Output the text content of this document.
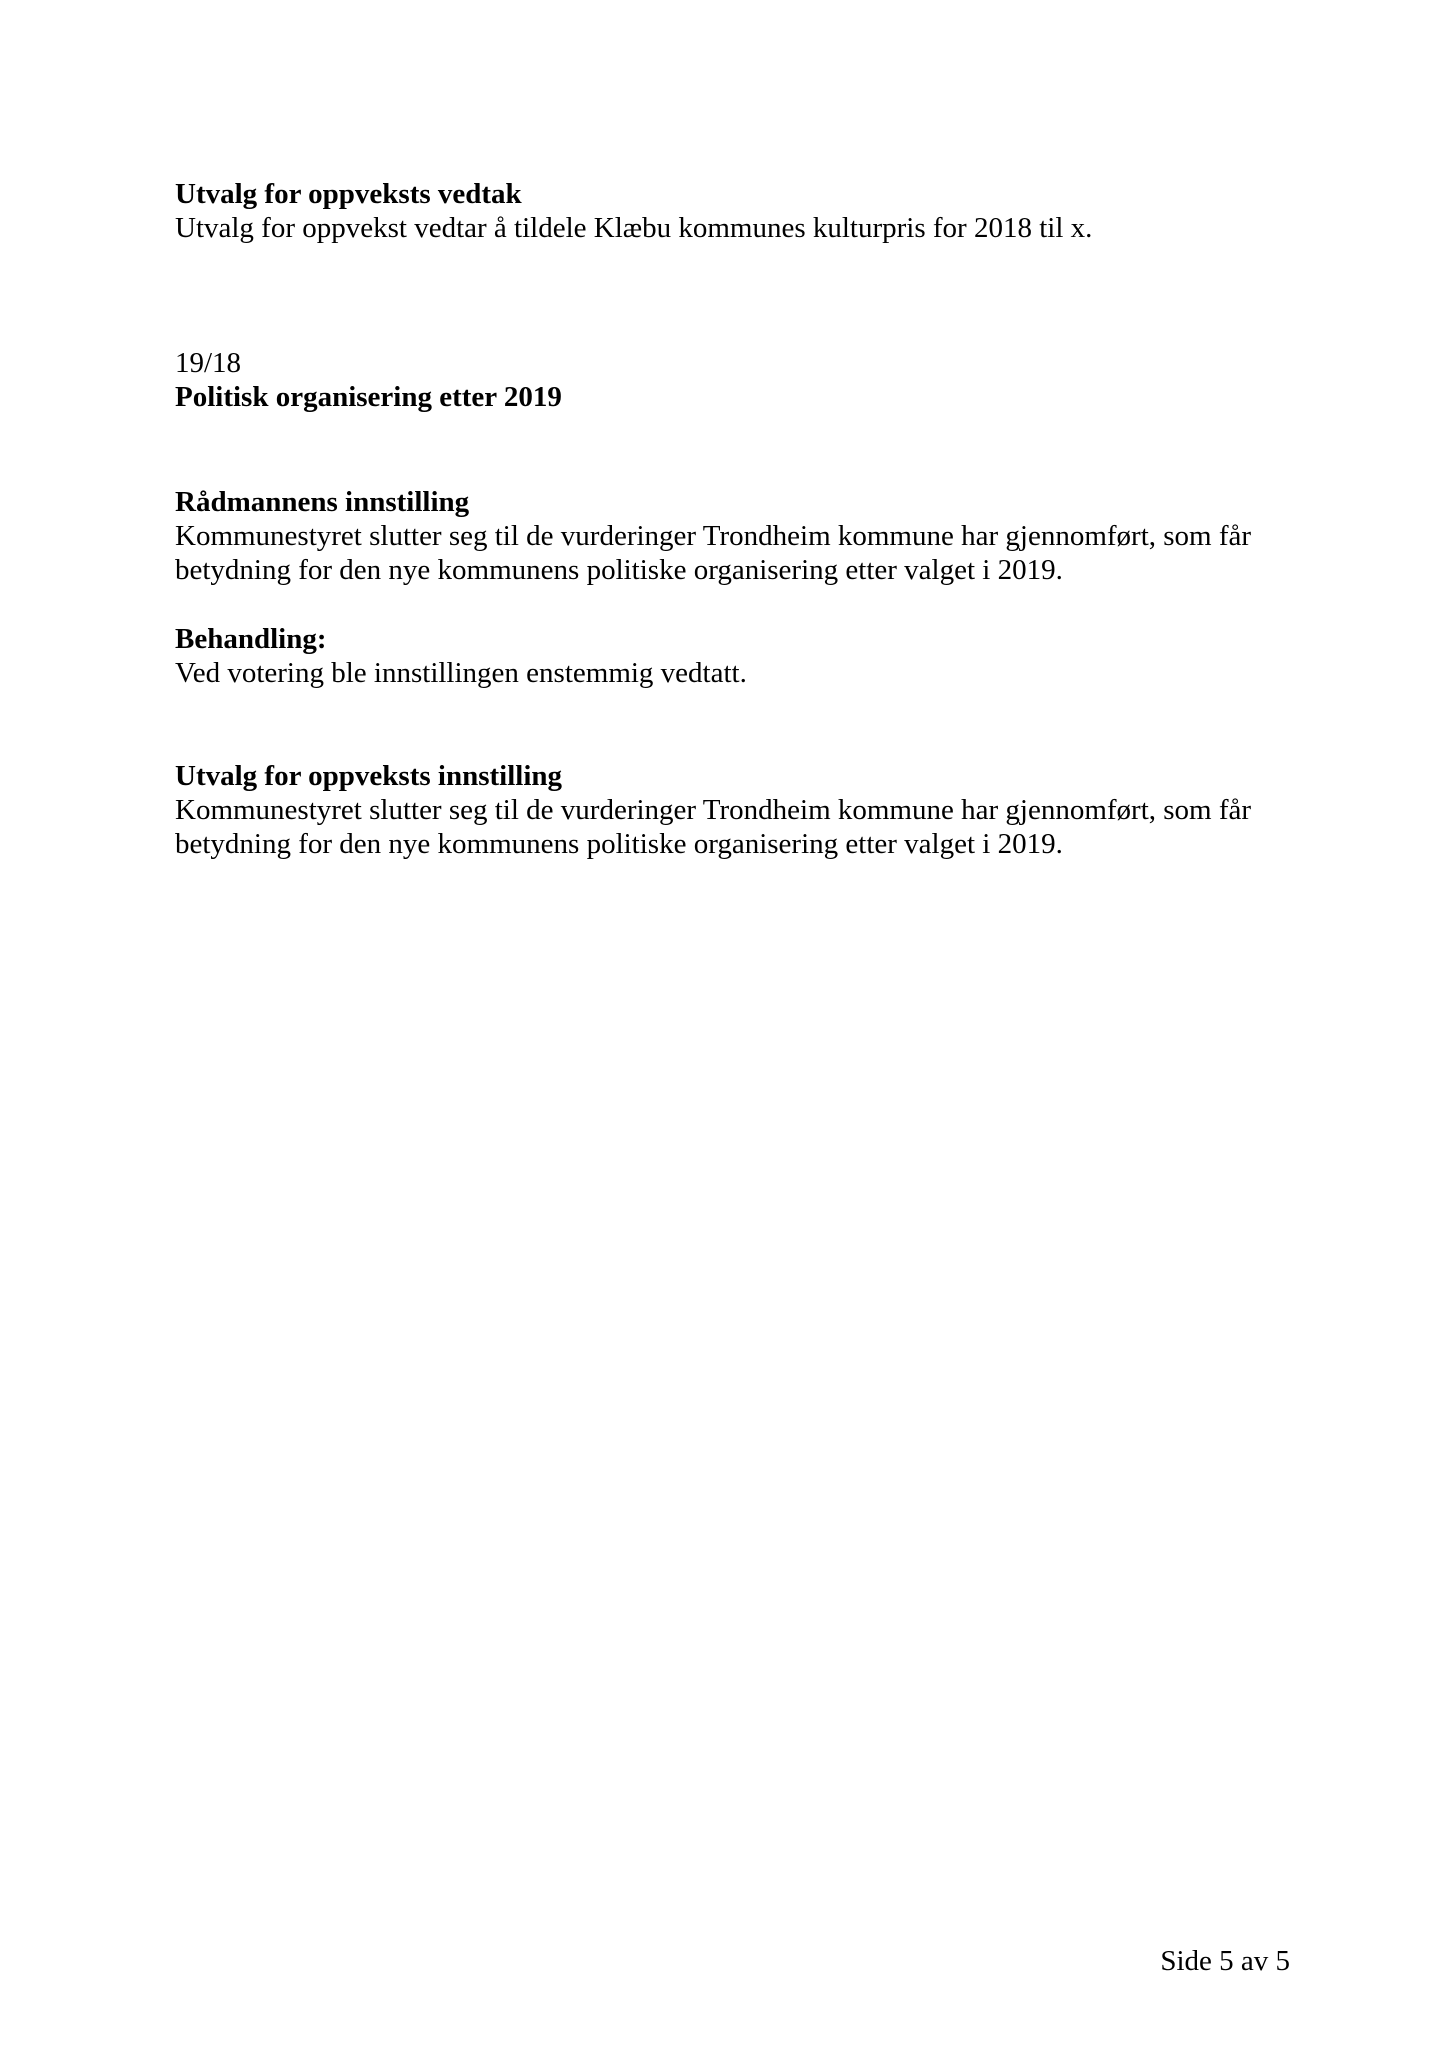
Utvalg for oppveksts vedtak

Utvalg for oppvekst vedtar å tildele Klæbu kommunes kulturpris for 2018 til x.

19/18

Politisk organisering etter 2019

Rådmannens innstilling

Kommunestyret slutter seg til de vurderinger Trondheim kommune har gjennomført, som får
betydning for den nye kommunens politiske organisering etter valget i 2019.

Behandling:

Ved votering ble innstillingen enstemmig vedtatt.

Utvalg for oppveksts innstilling

Kommunestyret slutter seg til de vurderinger Trondheim kommune har gjennomført, som får
betydning for den nye kommunens politiske organisering etter valget i 2019.

Side 5 av 5
